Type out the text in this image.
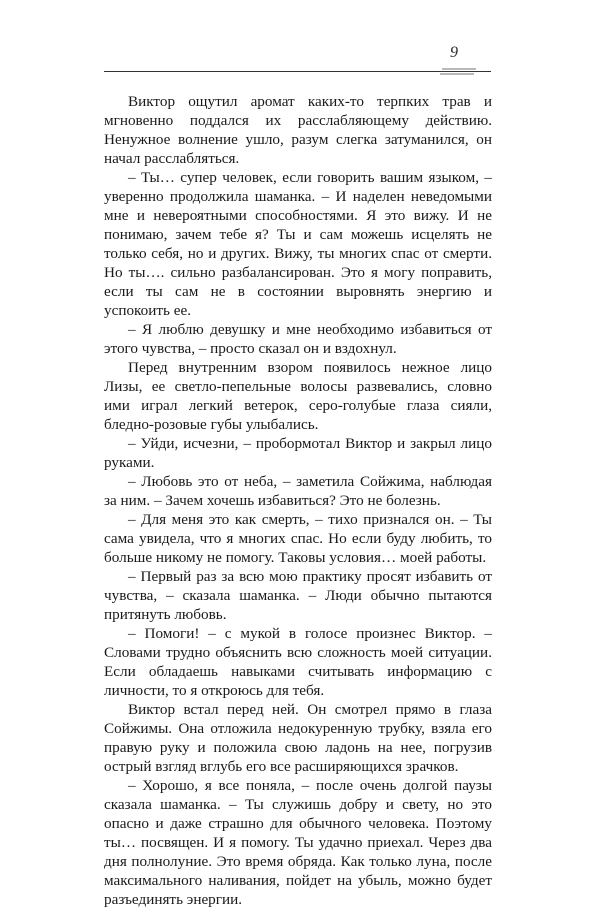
9

Виктор ощутил аромат каких-то терпких трав и мгновенно поддался их расслабляющему действию. Ненужное волнение ушло, разум слегка затуманился, он начал расслабляться.

– Ты… супер человек, если говорить вашим языком, – уверенно продолжила шаманка. – И наделен неведомыми мне и невероятными способностями. Я это вижу. И не понимаю, зачем тебе я? Ты и сам можешь исцелять не только себя, но и других. Вижу, ты многих спас от смерти. Но ты…. сильно разбалансирован. Это я могу поправить, если ты сам не в состоянии выровнять энергию и успокоить ее.

– Я люблю девушку и мне необходимо избавиться от этого чувства, – просто сказал он и вздохнул.

Перед внутренним взором появилось нежное лицо Лизы, ее светло-пепельные волосы развевались, словно ими играл легкий ветерок, серо-голубые глаза сияли, бледно-розовые губы улыбались.

– Уйди, исчезни, – пробормотал Виктор и закрыл лицо руками.

– Любовь это от неба, – заметила Сойжима, наблюдая за ним. – Зачем хочешь избавиться? Это не болезнь.

– Для меня это как смерть, – тихо признался он. – Ты сама увидела, что я многих спас. Но если буду любить, то больше никому не помогу. Таковы условия… моей работы.

– Первый раз за всю мою практику просят избавить от чувства, – сказала шаманка. – Люди обычно пытаются притянуть любовь.

– Помоги! – с мукой в голосе произнес Виктор. – Словами трудно объяснить всю сложность моей ситуации. Если обладаешь навыками считывать информацию с личности, то я откроюсь для тебя.

Виктор встал перед ней. Он смотрел прямо в глаза Сойжимы. Она отложила недокуренную трубку, взяла его правую руку и положила свою ладонь на нее, погрузив острый взгляд вглубь его все расширяющихся зрачков.

– Хорошо, я все поняла, – после очень долгой паузы сказала шаманка. – Ты служишь добру и свету, но это опасно и даже страшно для обычного человека. Поэтому ты… посвящен. И я помогу. Ты удачно приехал. Через два дня полнолуние. Это время обряда. Как только луна, после максимального наливания, пойдет на убыль, можно будет разъединять энергии.
